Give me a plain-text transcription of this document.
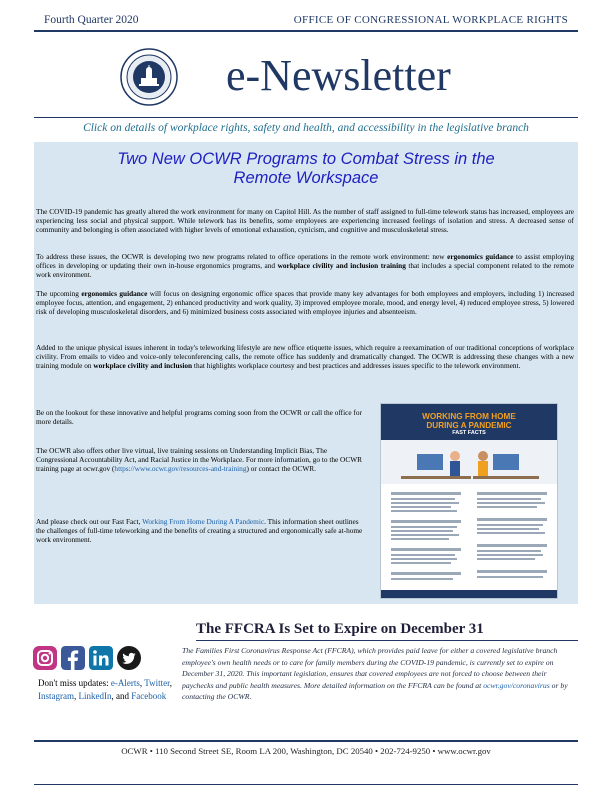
Fourth Quarter 2020	OFFICE OF CONGRESSIONAL WORKPLACE RIGHTS
e-Newsletter
Click on details of workplace rights, safety and health, and accessibility in the legislative branch
Two New OCWR Programs to Combat Stress in the
Remote Workspace
The COVID-19 pandemic has greatly altered the work environment for many on Capitol Hill. As the number of staff assigned to full-time telework status has increased, employees are experiencing less social and physical support. While telework has its benefits, some employees are experiencing increased feelings of isolation and stress. A decreased sense of community and belonging is often associated with higher levels of emotional exhaustion, cynicism, and cognitive and musculoskeletal stress.
To address these issues, the OCWR is developing two new programs related to office operations in the remote work environment: new ergonomics guidance to assist employing offices in developing or updating their own in-house ergonomics programs, and workplace civility and inclusion training that includes a special component related to the remote work environment.
The upcoming ergonomics guidance will focus on designing ergonomic office spaces that provide many key advantages for both employees and employers, including 1) increased employee focus, attention, and engagement, 2) enhanced productivity and work quality, 3) improved employee morale, mood, and energy level, 4) reduced employee stress, 5) lowered risk of developing musculoskeletal disorders, and 6) minimized business costs associated with employee injuries and absenteeism.
Added to the unique physical issues inherent in today's teleworking lifestyle are new office etiquette issues, which require a reexamination of our traditional conceptions of workplace civility. From emails to video and voice-only teleconferencing calls, the remote office has suddenly and dramatically changed. The OCWR is addressing these changes with a new training module on workplace civility and inclusion that highlights workplace courtesy and best practices and addresses issues specific to the telework environment.
Be on the lookout for these innovative and helpful programs coming soon from the OCWR or call the office for more details.
The OCWR also offers other live virtual, live training sessions on Understanding Implicit Bias, The Congressional Accountability Act, and Racial Justice in the Workplace. For more information, go to the OCWR training page at ocwr.gov (https://www.ocwr.gov/resources-and-training) or contact the OCWR.
And please check out our Fast Fact, Working From Home During A Pandemic. This information sheet outlines the challenges of full-time teleworking and the benefits of creating a structured and ergonomically safe at-home work environment.
WORKING FROM HOME
DURING A PANDEMIC
FAST FACTS
The FFCRA Is Set to Expire on December 31
The Families First Coronavirus Response Act (FFCRA), which provides paid leave for either a covered legislative branch employee's own health needs or to care for family members during the COVID-19 pandemic, is currently set to expire on December 31, 2020. This important legislation, ensures that covered employees are not forced to choose between their paychecks and public health measures. More detailed information on the FFCRA can be found at ocwr.gov/coronavirus or by contacting the OCWR.
Don't miss updates: e-Alerts, Twitter, Instagram, LinkedIn, and Facebook
OCWR • 110 Second Street SE, Room LA 200, Washington, DC 20540 • 202-724-9250 • www.ocwr.gov
